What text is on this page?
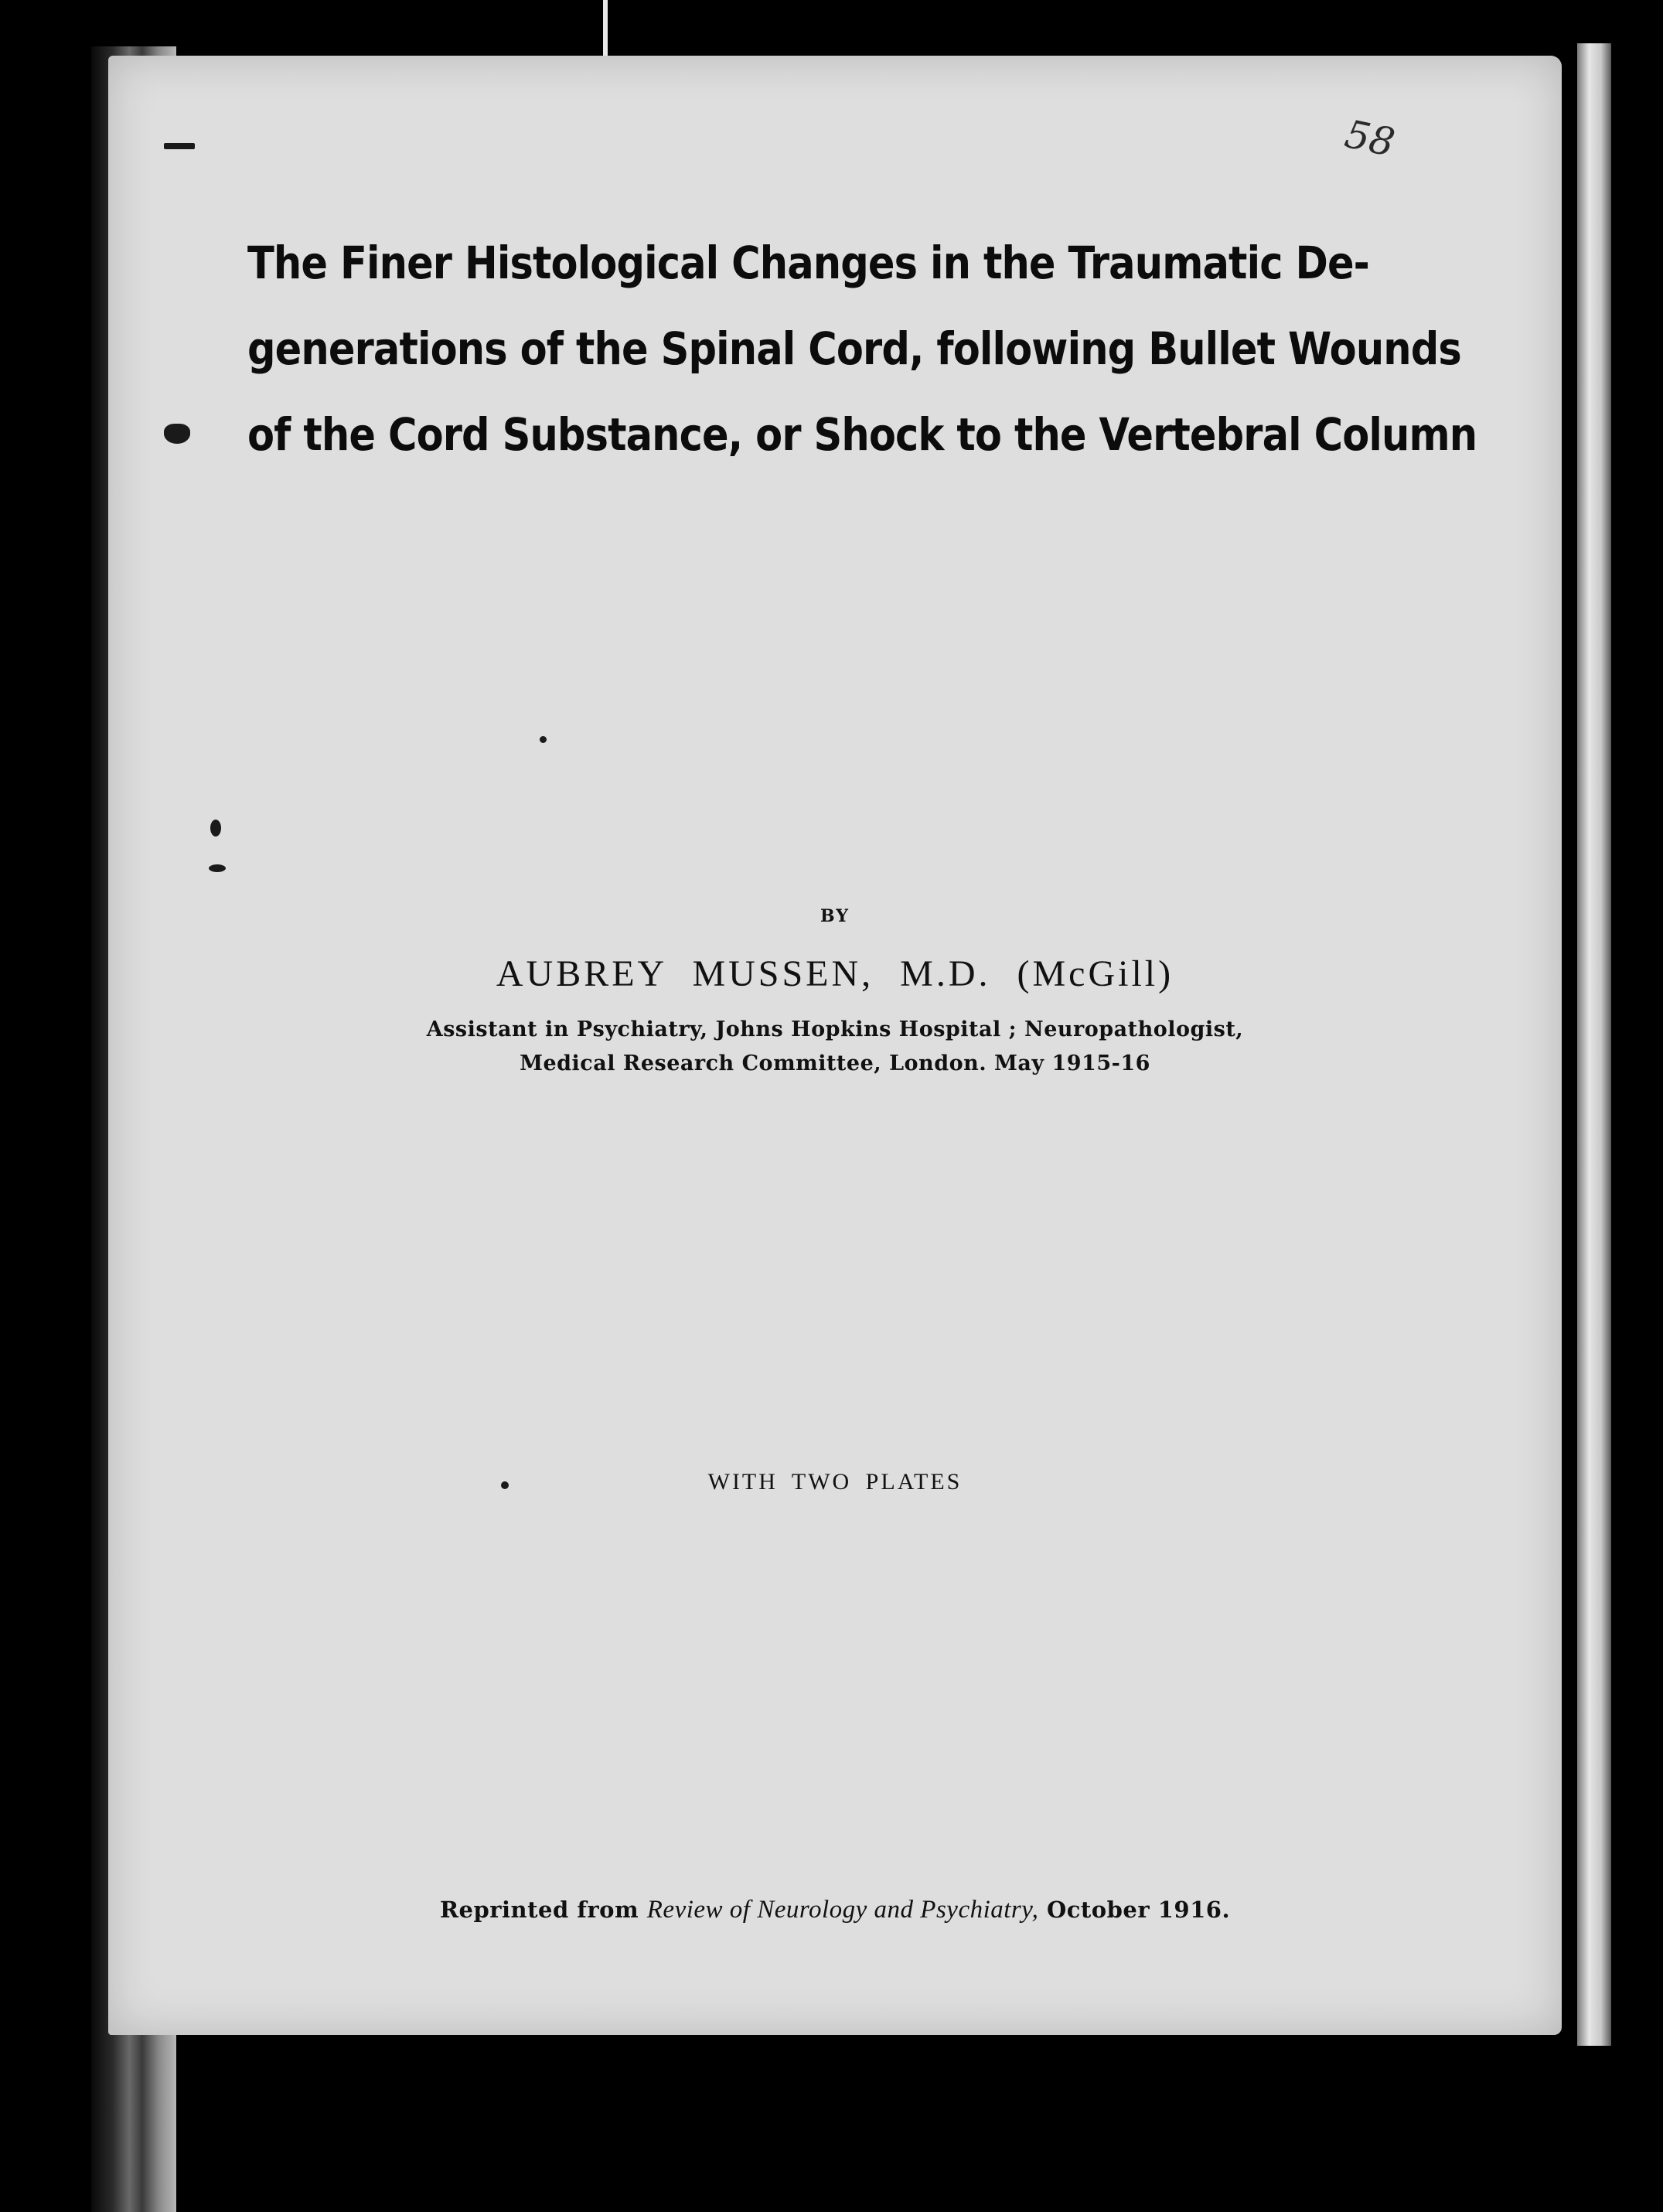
58
The Finer Histological Changes in the Traumatic De-
generations of the Spinal Cord, following Bullet Wounds
of the Cord Substance, or Shock to the Vertebral Column

BY

AUBREY MUSSEN, M.D. (McGill)

Assistant in Psychiatry, Johns Hopkins Hospital ; Neuropathologist,

Medical Research Committee, London. May 1915-16

WITH TWO PLATES

Reprinted from Review of Neurology and Psychiatry, October 1916.
